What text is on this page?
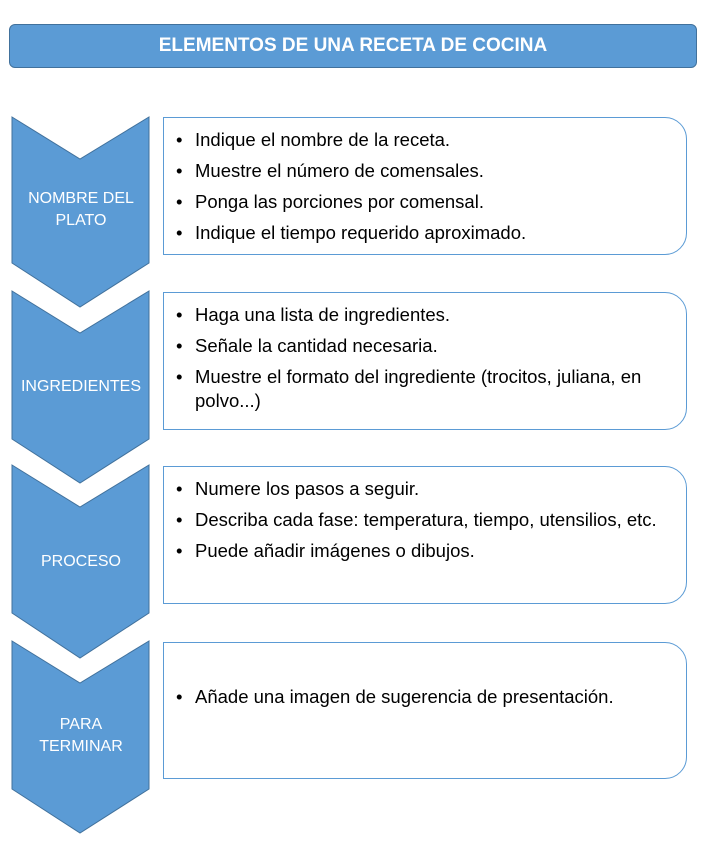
ELEMENTOS DE UNA RECETA DE COCINA
NOMBRE DEL
PLATO
INGREDIENTES
PROCESO
PARA
TERMINAR
• Indique el nombre de la receta.
• Muestre el número de comensales.
• Ponga las porciones por comensal.
• Indique el tiempo requerido aproximado.
• Haga una lista de ingredientes.
• Señale la cantidad necesaria.
• Muestre el formato del ingrediente (trocitos, juliana, en polvo...)
• Numere los pasos a seguir.
• Describa cada fase: temperatura, tiempo, utensilios, etc.
• Puede añadir imágenes o dibujos.
• Añade una imagen de sugerencia de presentación.
